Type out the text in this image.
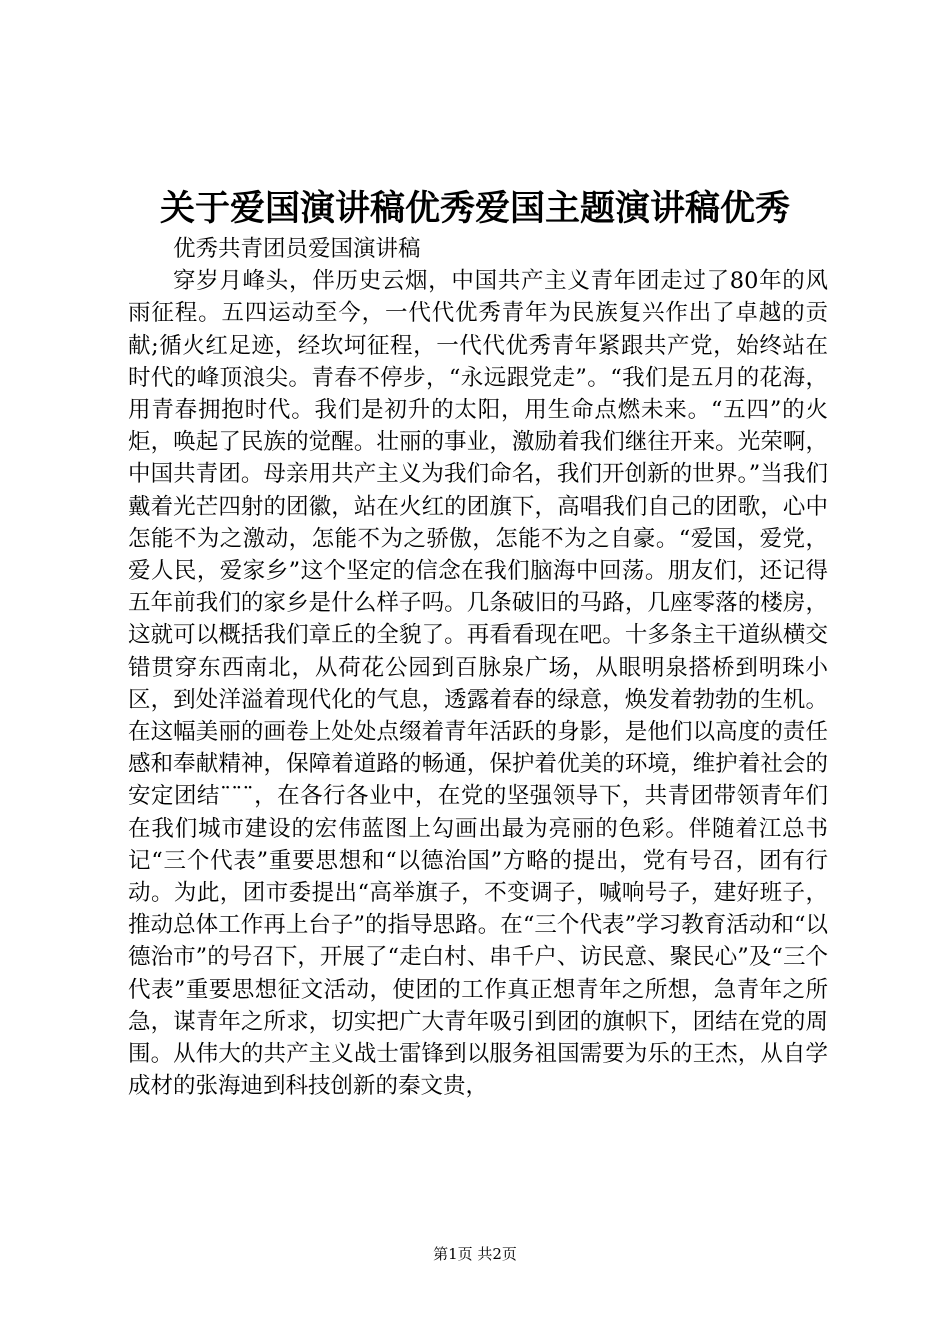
关于爱国演讲稿优秀爱国主题演讲稿优秀
优秀共青团员爱国演讲稿
穿岁月峰头，伴历史云烟，中国共产主义青年团走过了80年的风雨征程。五四运动至今，一代代优秀青年为民族复兴作出了卓越的贡献;循火红足迹，经坎坷征程，一代代优秀青年紧跟共产党，始终站在时代的峰顶浪尖。青春不停步，“永远跟党走”。“我们是五月的花海，用青春拥抱时代。我们是初升的太阳，用生命点燃未来。“五四”的火炬，唤起了民族的觉醒。壮丽的事业，激励着我们继往开来。光荣啊，中国共青团。母亲用共产主义为我们命名，我们开创新的世界。”当我们戴着光芒四射的团徽，站在火红的团旗下，高唱我们自己的团歌，心中怎能不为之激动，怎能不为之骄傲，怎能不为之自豪。“爱国，爱党，爱人民，爱家乡”这个坚定的信念在我们脑海中回荡。朋友们，还记得五年前我们的家乡是什么样子吗。几条破旧的马路，几座零落的楼房，这就可以概括我们章丘的全貌了。再看看现在吧。十多条主干道纵横交错贯穿东西南北，从荷花公园到百脉泉广场，从眼明泉搭桥到明珠小区，到处洋溢着现代化的气息，透露着春的绿意，焕发着勃勃的生机。在这幅美丽的画卷上处处点缀着青年活跃的身影，是他们以高度的责任感和奉献精神，保障着道路的畅通，保护着优美的环境，维护着社会的安定团结¨¨¨，在各行各业中，在党的坚强领导下，共青团带领青年们在我们城市建设的宏伟蓝图上勾画出最为亮丽的色彩。伴随着江总书记“三个代表”重要思想和“以德治国”方略的提出，党有号召，团有行动。为此，团市委提出“高举旗子，不变调子，喊响号子，建好班子，推动总体工作再上台子”的指导思路。在“三个代表”学习教育活动和“以德治市”的号召下，开展了“走白村、串千户、访民意、聚民心”及“三个代表”重要思想征文活动，使团的工作真正想青年之所想，急青年之所急，谋青年之所求，切实把广大青年吸引到团的旗帜下，团结在党的周围。从伟大的共产主义战士雷锋到以服务祖国需要为乐的王杰，从自学成材的张海迪到科技创新的秦文贵，
第1页 共2页
